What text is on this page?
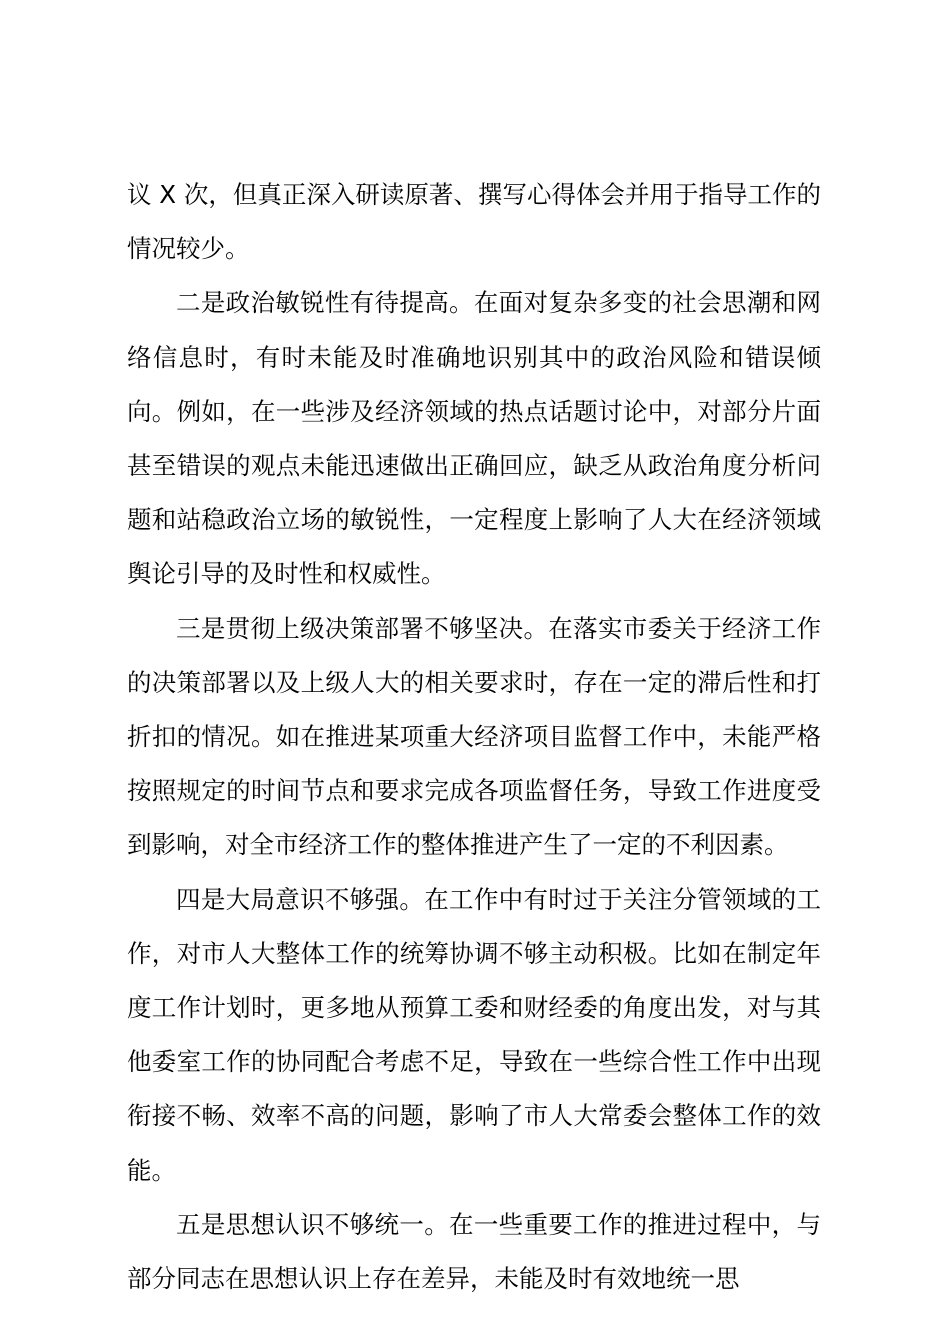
议 X 次，但真正深入研读原著、撰写心得体会并用于指导工作的情况较少。

二是政治敏锐性有待提高。在面对复杂多变的社会思潮和网络信息时，有时未能及时准确地识别其中的政治风险和错误倾向。例如，在一些涉及经济领域的热点话题讨论中，对部分片面甚至错误的观点未能迅速做出正确回应，缺乏从政治角度分析问题和站稳政治立场的敏锐性，一定程度上影响了人大在经济领域舆论引导的及时性和权威性。

三是贯彻上级决策部署不够坚决。在落实市委关于经济工作的决策部署以及上级人大的相关要求时，存在一定的滞后性和打折扣的情况。如在推进某项重大经济项目监督工作中，未能严格按照规定的时间节点和要求完成各项监督任务，导致工作进度受到影响，对全市经济工作的整体推进产生了一定的不利因素。

四是大局意识不够强。在工作中有时过于关注分管领域的工作，对市人大整体工作的统筹协调不够主动积极。比如在制定年度工作计划时，更多地从预算工委和财经委的角度出发，对与其他委室工作的协同配合考虑不足，导致在一些综合性工作中出现衔接不畅、效率不高的问题，影响了市人大常委会整体工作的效能。

五是思想认识不够统一。在一些重要工作的推进过程中，与部分同志在思想认识上存在差异，未能及时有效地统一思
